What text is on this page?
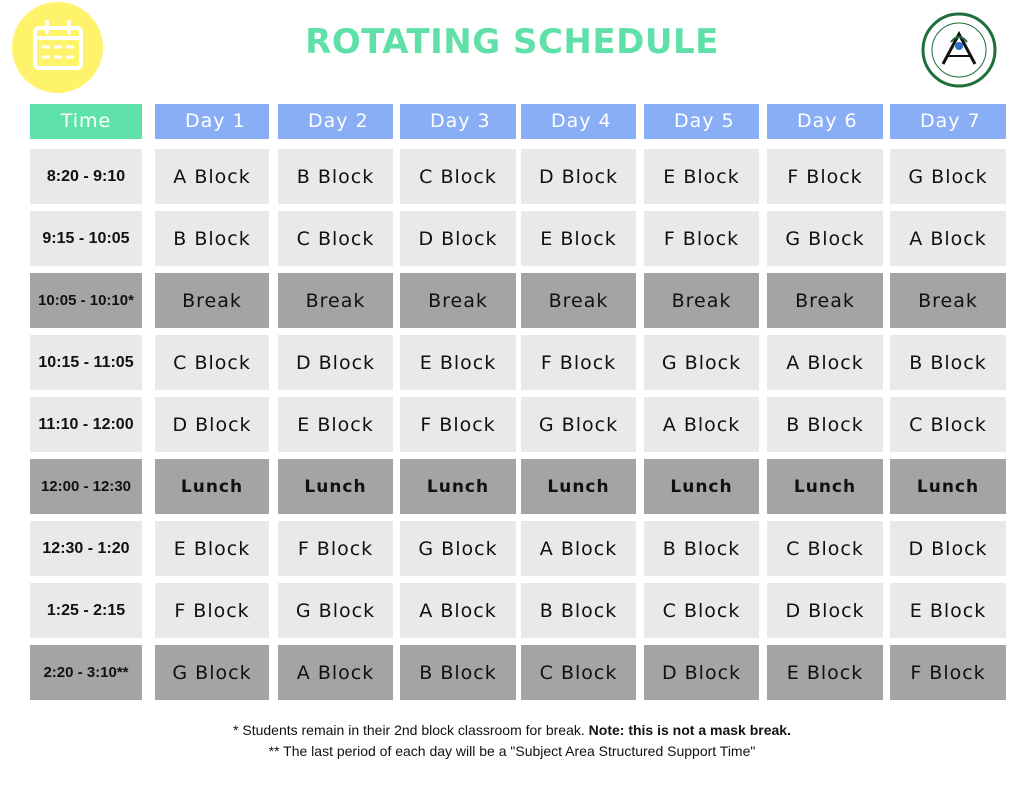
ROTATING SCHEDULE
Time	Day 1	Day 2	Day 3	Day 4	Day 5	Day 6	Day 7
8:20 - 9:10	A Block	B Block	C Block	D Block	E Block	F Block	G Block
9:15 - 10:05	B Block	C Block	D Block	E Block	F Block	G Block	A Block
10:05 - 10:10*	Break	Break	Break	Break	Break	Break	Break
10:15 - 11:05	C Block	D Block	E Block	F Block	G Block	A Block	B Block
11:10 - 12:00	D Block	E Block	F Block	G Block	A Block	B Block	C Block
12:00 - 12:30	Lunch	Lunch	Lunch	Lunch	Lunch	Lunch	Lunch
12:30 - 1:20	E Block	F Block	G Block	A Block	B Block	C Block	D Block
1:25 - 2:15	F Block	G Block	A Block	B Block	C Block	D Block	E Block
2:20 - 3:10**	G Block	A Block	B Block	C Block	D Block	E Block	F Block
* Students remain in their 2nd block classroom for break. Note: this is not a mask break.
** The last period of each day will be a "Subject Area Structured Support Time"
